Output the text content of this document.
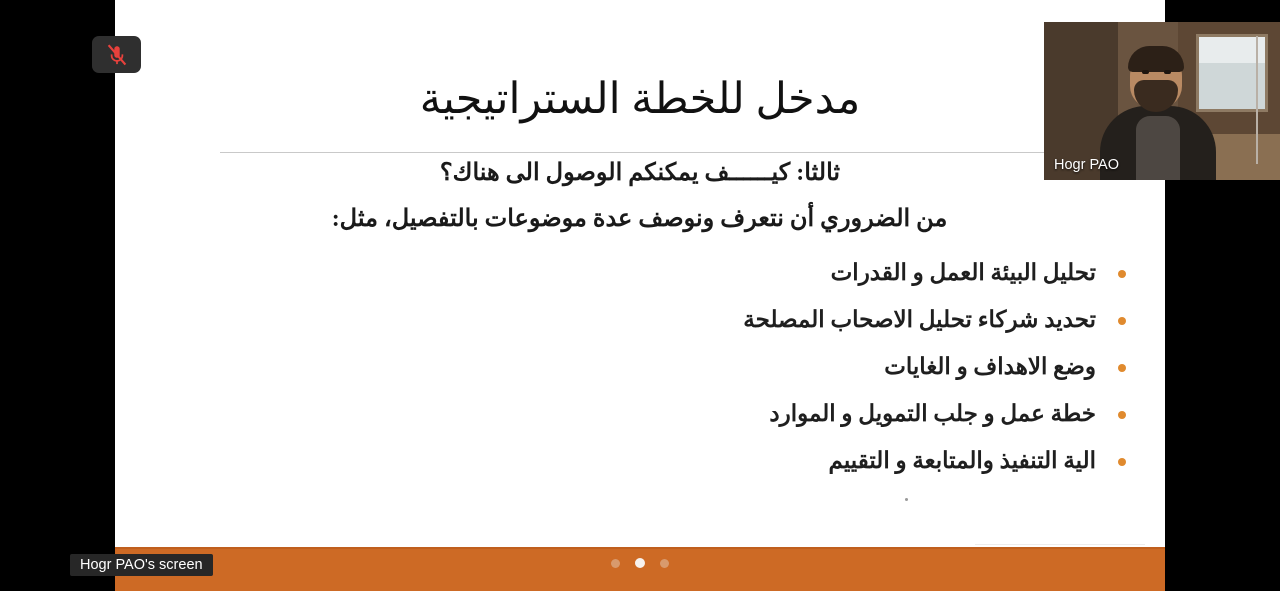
مدخل للخطة الستراتيجية

ثالثا: كيــــــف يمكنكم الوصول الى هناك؟

من الضروري أن نتعرف ونوصف عدة موضوعات بالتفصيل، مثل:

تحليل البيئة العمل و القدرات
تحديد شركاء تحليل الاصحاب المصلحة
وضع الاهداف و الغايات
خطة عمل و جلب التمويل و الموارد
الية التنفيذ والمتابعة و التقييم
Hogr PAO's screen
Hogr PAO
